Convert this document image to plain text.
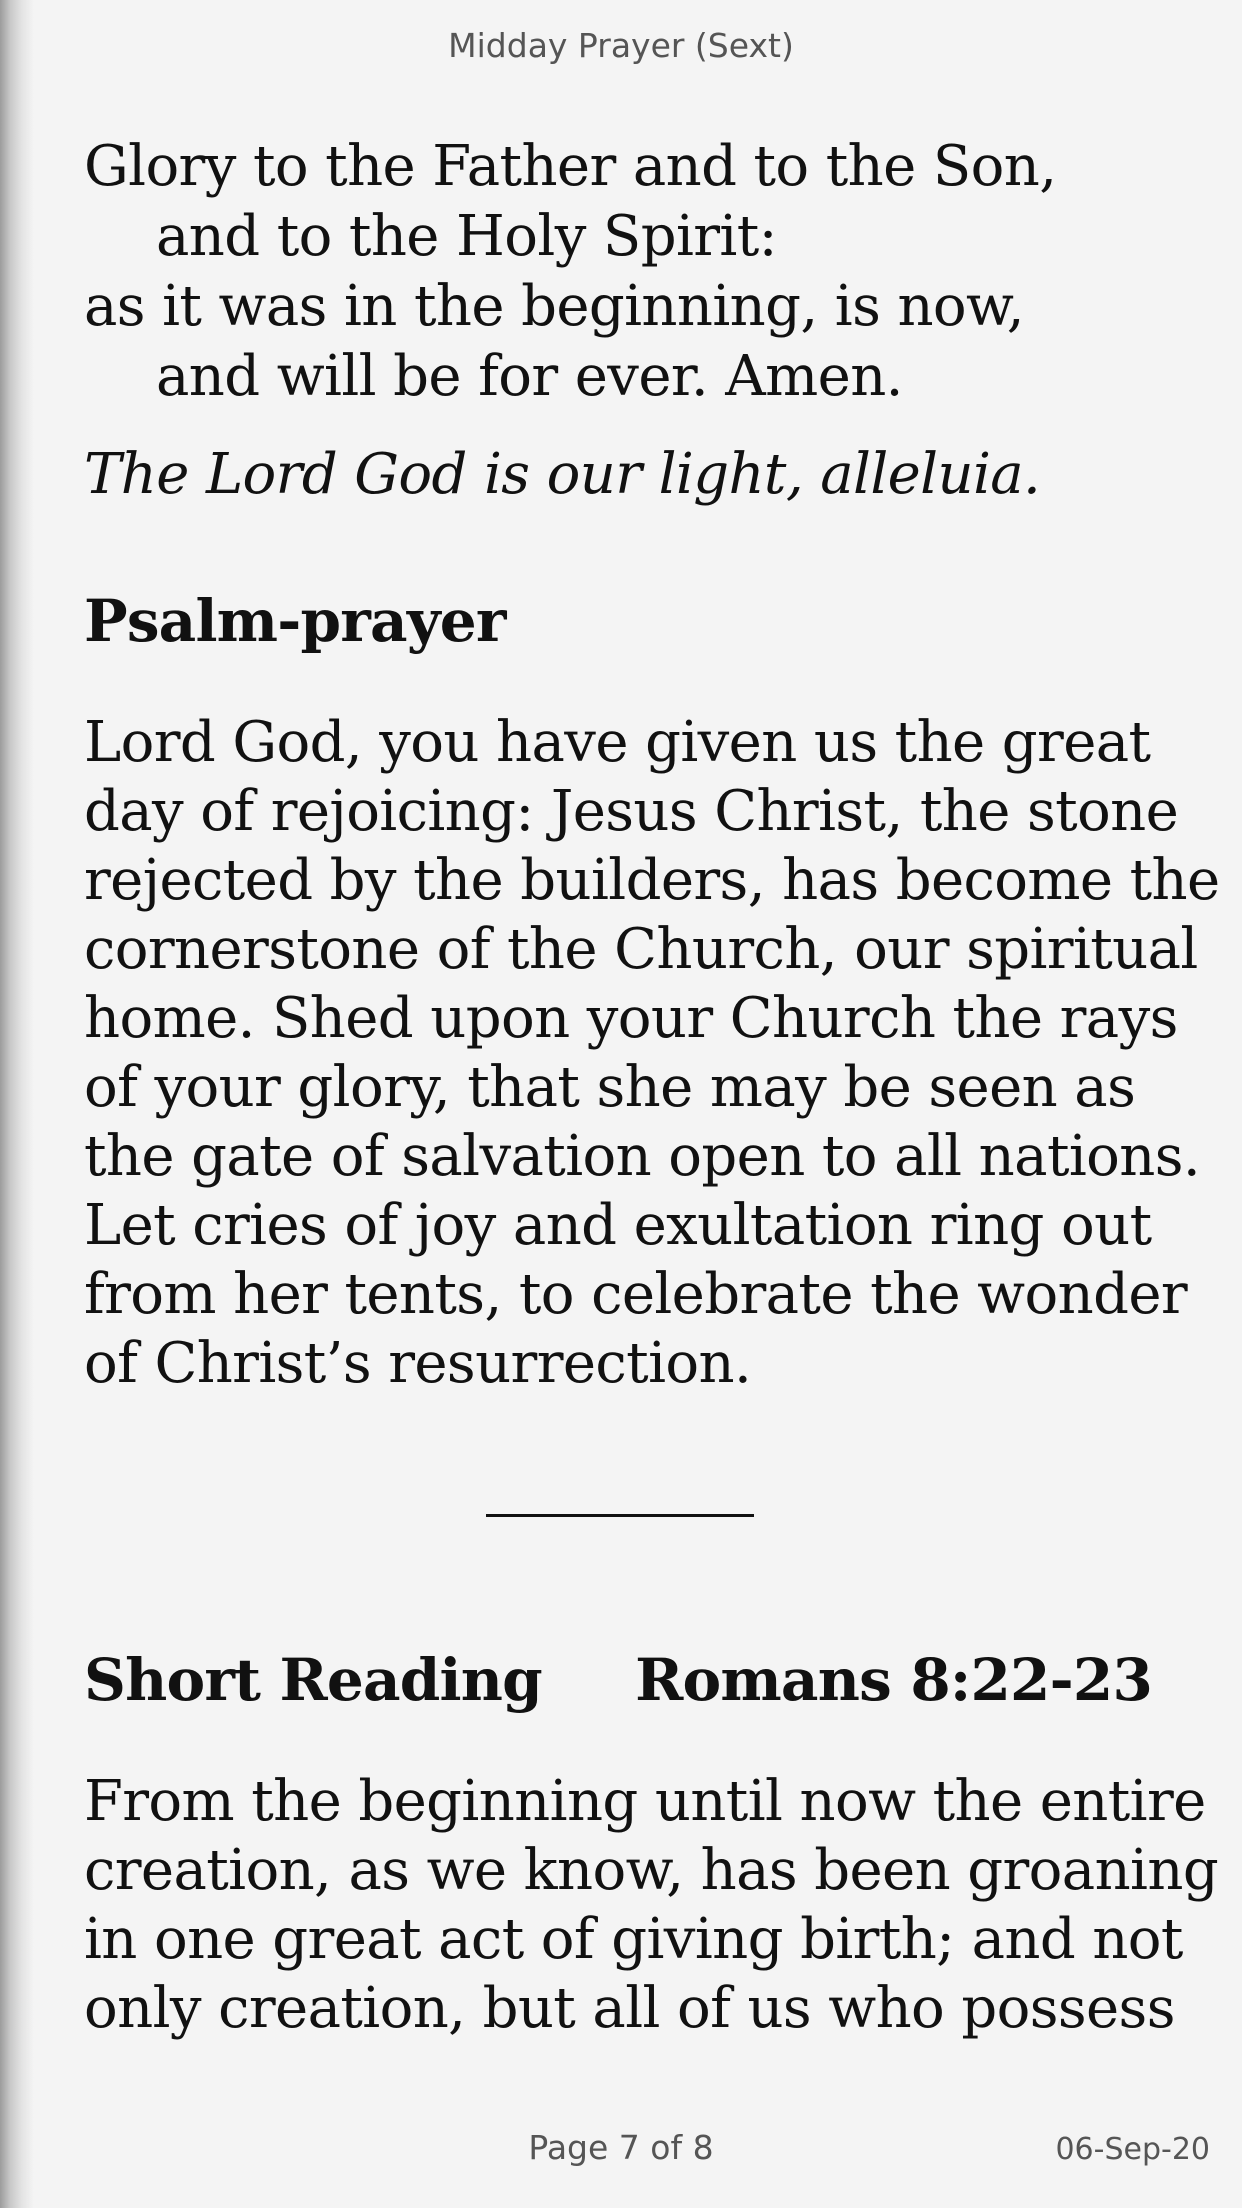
Midday Prayer (Sext)
Glory to the Father and to the Son,
and to the Holy Spirit:
as it was in the beginning, is now,
and will be for ever. Amen.
The Lord God is our light, alleluia.
Psalm-prayer
Lord God, you have given us the great
day of rejoicing: Jesus Christ, the stone
rejected by the builders, has become the
cornerstone of the Church, our spiritual
home. Shed upon your Church the rays
of your glory, that she may be seen as
the gate of salvation open to all nations.
Let cries of joy and exultation ring out
from her tents, to celebrate the wonder
of Christ’s resurrection.
Short Reading Romans 8:22-23
From the beginning until now the entire
creation, as we know, has been groaning
in one great act of giving birth; and not
only creation, but all of us who possess
Page 7 of 8	06-Sep-20
